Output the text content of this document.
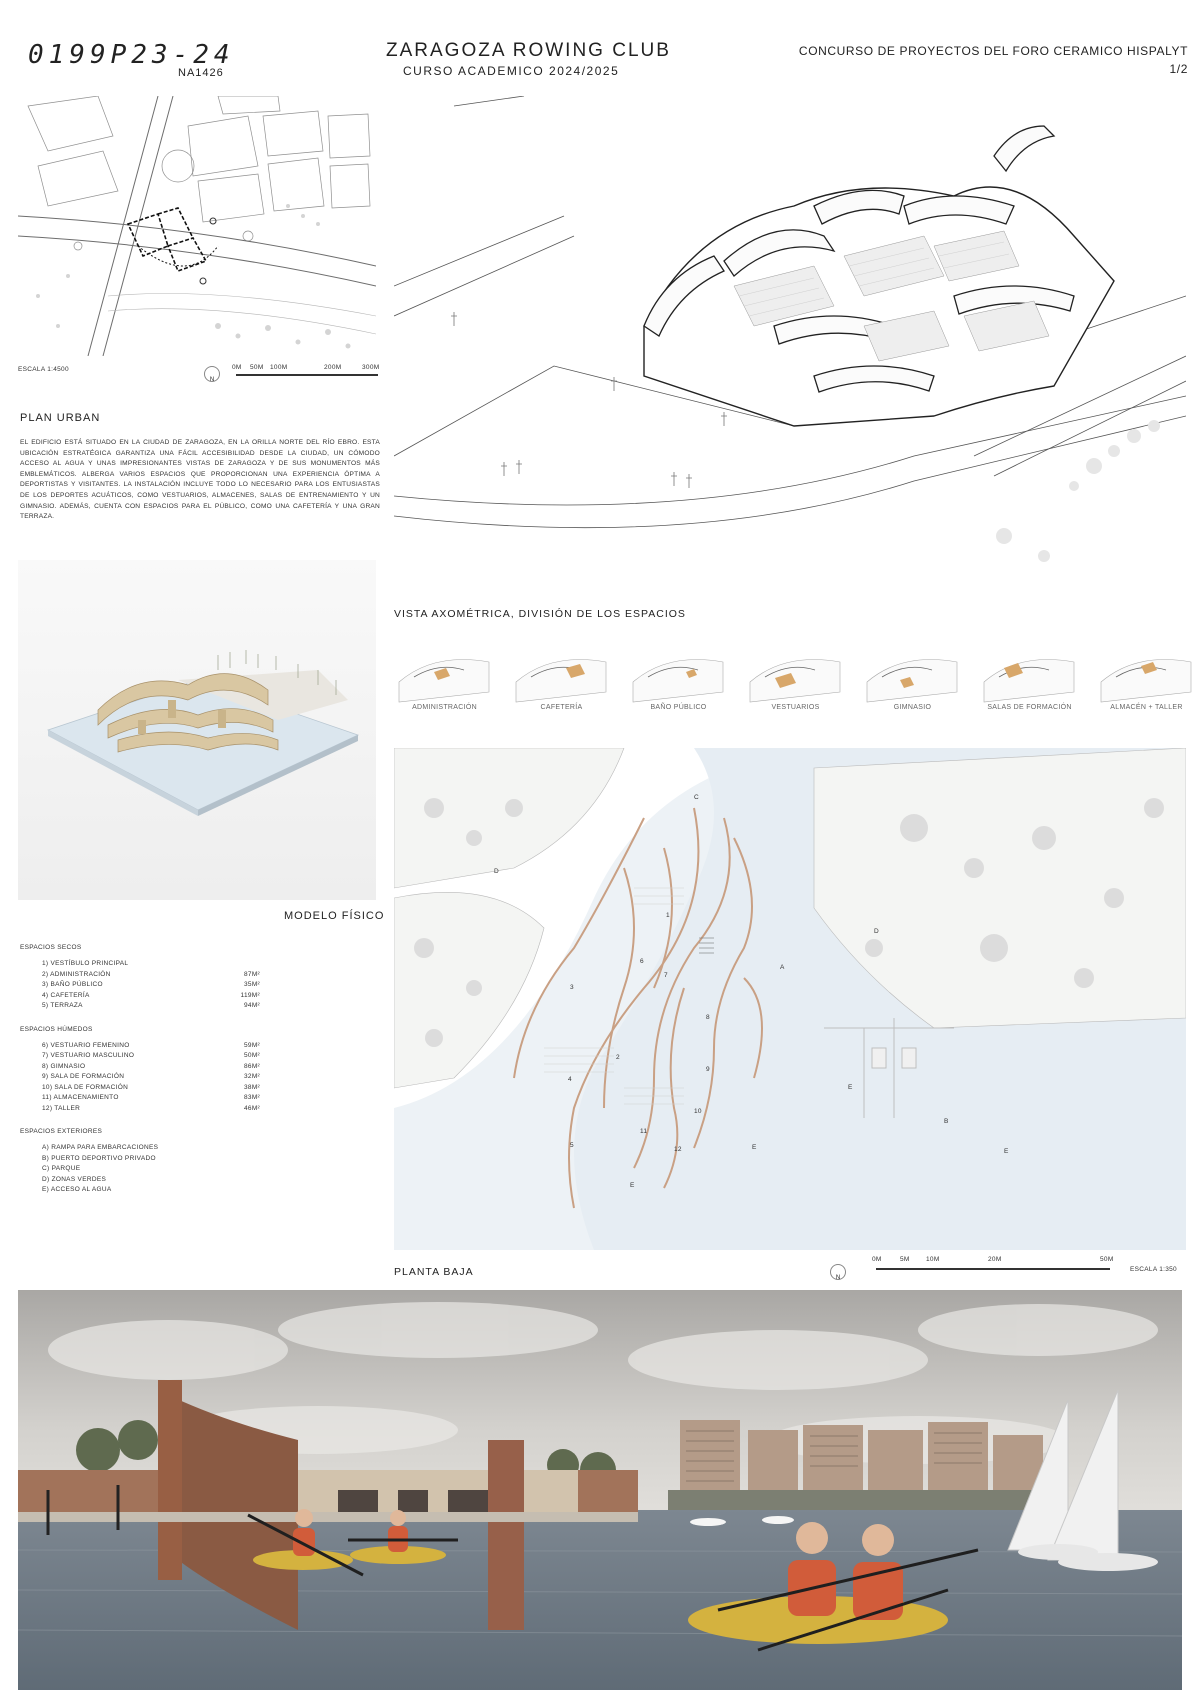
0199P23-24
NA1426
ZARAGOZA ROWING CLUB
CURSO ACADEMICO 2024/2025
CONCURSO DE PROYECTOS DEL FORO CERAMICO HISPALYT
1/2
ESCALA 1:4500
N
0M 50M 100M	200M	300M
PLAN URBAN
EL EDIFICIO ESTÁ SITUADO EN LA CIUDAD DE ZARAGOZA, EN LA ORILLA NORTE DEL RÍO EBRO. ESTA UBICACIÓN ESTRATÉGICA GARANTIZA UNA FÁCIL ACCESIBILIDAD DESDE LA CIUDAD, UN CÓMODO ACCESO AL AGUA Y UNAS IMPRESIONANTES VISTAS DE ZARAGOZA Y DE SUS MONUMENTOS MÁS EMBLEMÁTICOS. ALBERGA VARIOS ESPACIOS QUE PROPORCIONAN UNA EXPERIENCIA ÓPTIMA A DEPORTISTAS Y VISITANTES. LA INSTALACIÓN INCLUYE TODO LO NECESARIO PARA LOS ENTUSIASTAS DE LOS DEPORTES ACUÁTICOS, COMO VESTUARIOS, ALMACENES, SALAS DE ENTRENAMIENTO Y UN GIMNASIO. ADEMÁS, CUENTA CON ESPACIOS PARA EL PÚBLICO, COMO UNA CAFETERÍA Y UNA GRAN TERRAZA.
MODELO FÍSICO
ESPACIOS SECOS
1) VESTÍBULO PRINCIPAL
2) ADMINISTRACIÓN	87M²
3) BAÑO PÚBLICO	35M²
4) CAFETERÍA	119M²
5) TERRAZA	94M²
ESPACIOS HÚMEDOS
6) VESTUARIO FEMENINO	59M²
7) VESTUARIO MASCULINO	50M²
8) GIMNASIO	86M²
9) SALA DE FORMACIÓN	32M²
10) SALA DE FORMACIÓN	38M²
11) ALMACENAMIENTO	83M²
12) TALLER	46M²
ESPACIOS EXTERIORES
A) RAMPA PARA EMBARCACIONES
B) PUERTO DEPORTIVO PRIVADO
C) PARQUE
D) ZONAS VERDES
E) ACCESO AL AGUA
VISTA AXOMÉTRICA, DIVISIÓN DE LOS ESPACIOS
ADMINISTRACIÓN	CAFETERÍA	BAÑO PÚBLICO	VESTUARIOS	GIMNASIO	SALAS DE FORMACIÓN	ALMACÉN + TALLER
1
2
3
4
5
6
7
8
9
10
11
12
A
B
C
D
D
E
E
E
E
PLANTA BAJA	N
0M	5M	10M	20M	50M
ESCALA 1:350
